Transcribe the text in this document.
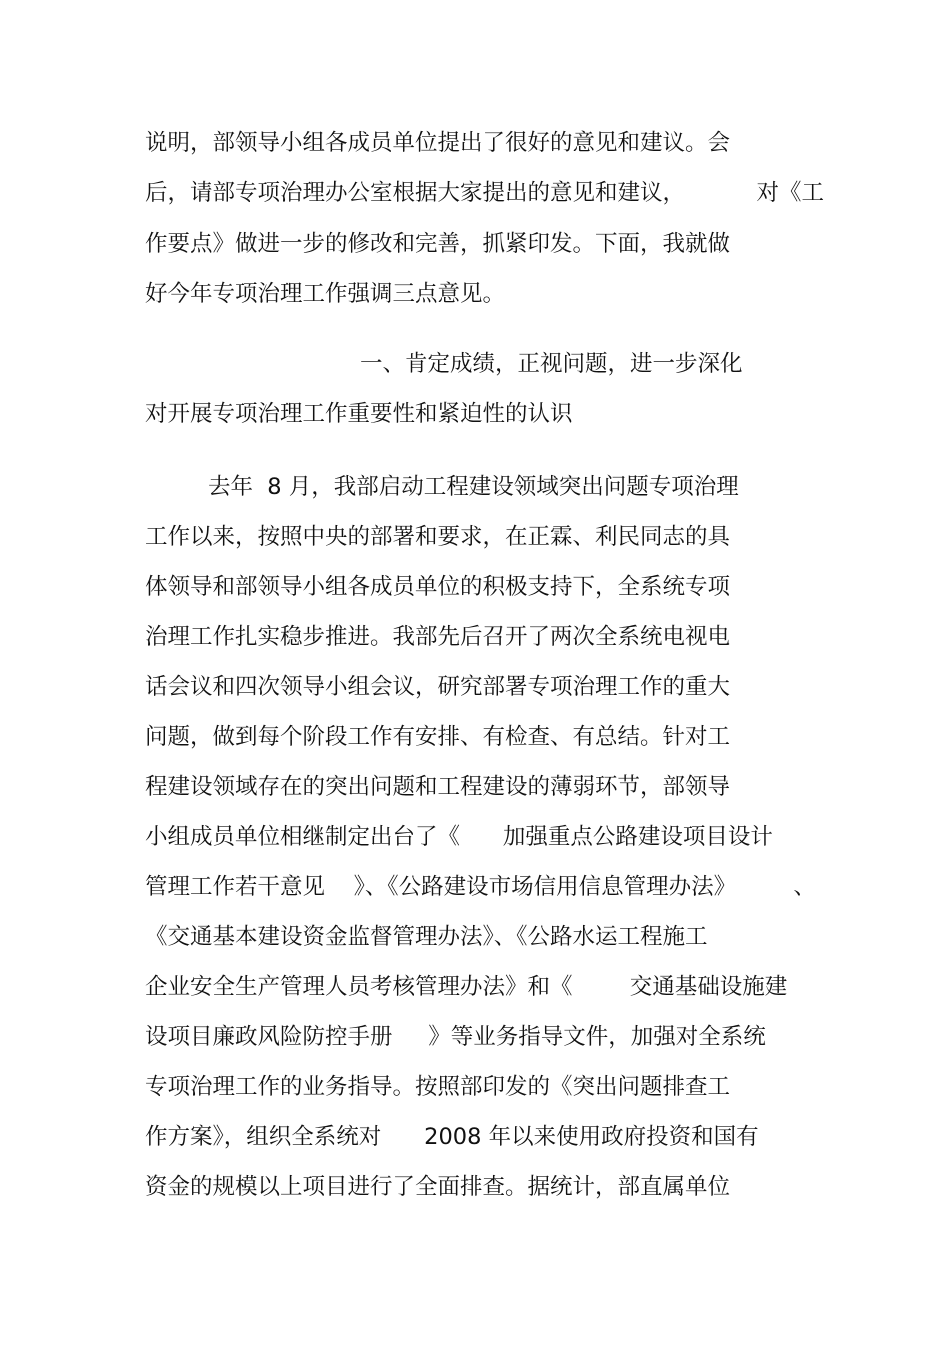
说明，部领导小组各成员单位提出了很好的意见和建议。会
后，请部专项治理办公室根据大家提出的意见和建议，          对《工
作要点》做进一步的修改和完善，抓紧印发。下面，我就做
好今年专项治理工作强调三点意见。
一、肯定成绩，正视问题，进一步深化
对开展专项治理工作重要性和紧迫性的认识
去年  8 月，我部启动工程建设领域突出问题专项治理
工作以来，按照中央的部署和要求，在正霖、利民同志的具
体领导和部领导小组各成员单位的积极支持下，全系统专项
治理工作扎实稳步推进。我部先后召开了两次全系统电视电
话会议和四次领导小组会议，研究部署专项治理工作的重大
问题，做到每个阶段工作有安排、有检查、有总结。针对工
程建设领域存在的突出问题和工程建设的薄弱环节，部领导
小组成员单位相继制定出台了《      加强重点公路建设项目设计
管理工作若干意见    》、《公路建设市场信用信息管理办法》        、
《交通基本建设资金监督管理办法》、《公路水运工程施工
企业安全生产管理人员考核管理办法》和《        交通基础设施建
设项目廉政风险防控手册     》等业务指导文件，加强对全系统
专项治理工作的业务指导。按照部印发的《突出问题排查工
作方案》，组织全系统对      2008 年以来使用政府投资和国有
资金的规模以上项目进行了全面排查。据统计，部直属单位
